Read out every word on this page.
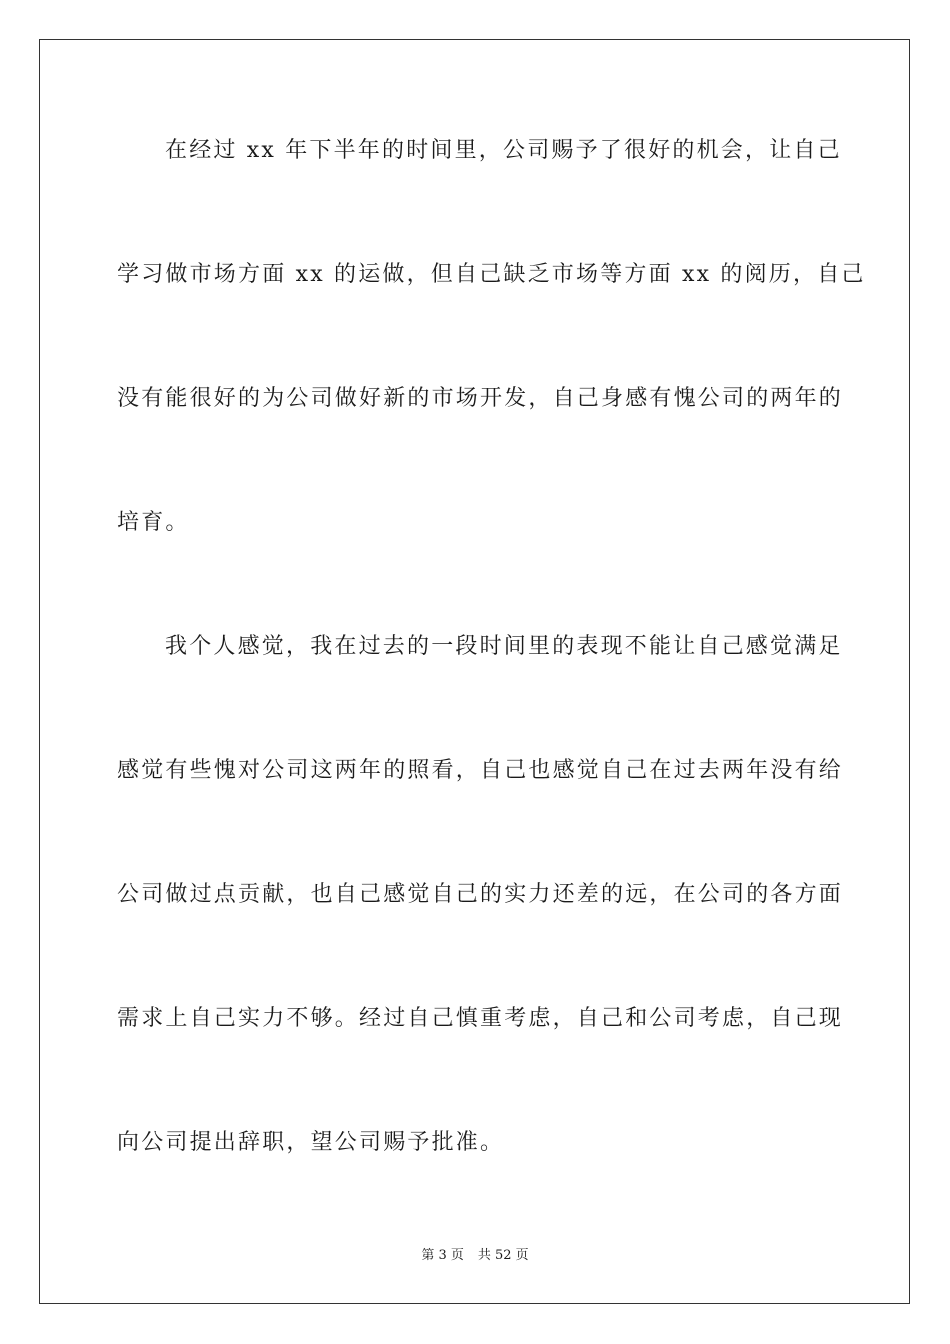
在经过 xx 年下半年的时间里，公司赐予了很好的机会，让自己
学习做市场方面 xx 的运做，但自己缺乏市场等方面 xx 的阅历，自己
没有能很好的为公司做好新的市场开发，自己身感有愧公司的两年的
培育。
我个人感觉，我在过去的一段时间里的表现不能让自己感觉满足
感觉有些愧对公司这两年的照看，自己也感觉自己在过去两年没有给
公司做过点贡献，也自己感觉自己的实力还差的远，在公司的各方面
需求上自己实力不够。经过自己慎重考虑，自己和公司考虑，自己现
向公司提出辞职，望公司赐予批准。
第 3 页 共 52 页
